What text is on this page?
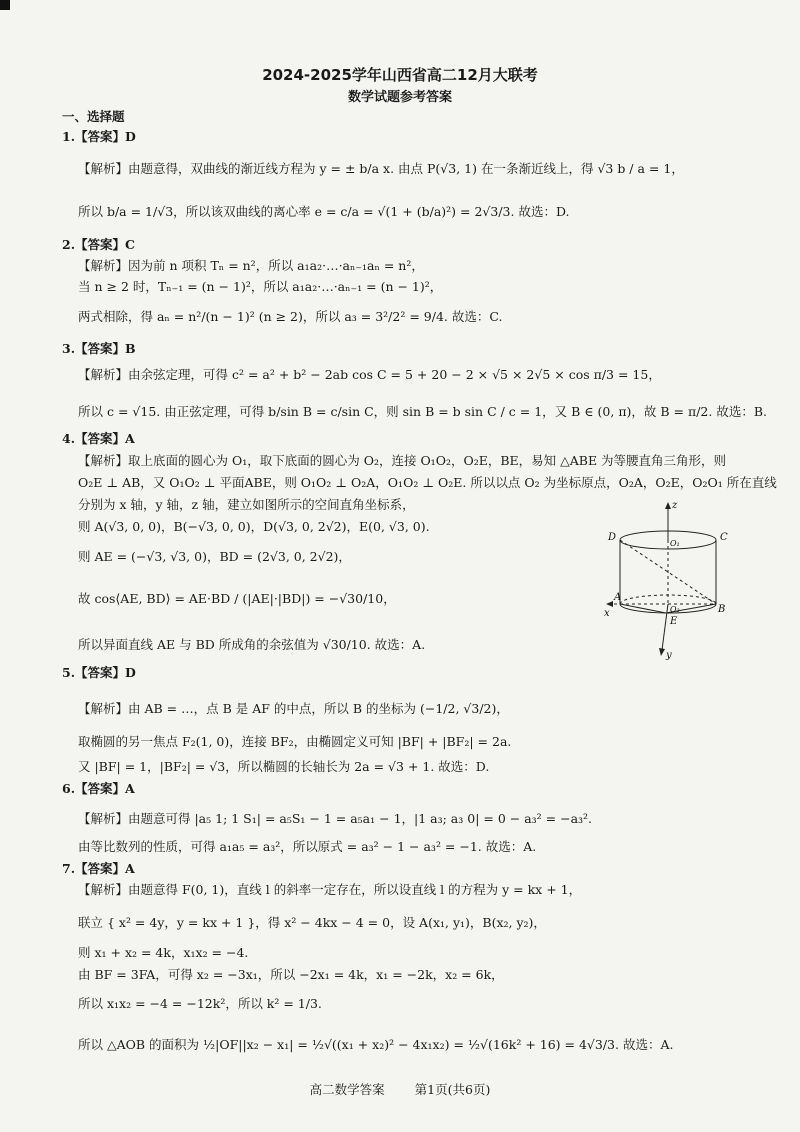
2024-2025学年山西省高二12月大联考
数学试题参考答案
一、选择题
1.【答案】D
【解析】由题意得，双曲线的渐近线方程为 y = ± b/a x. 由点 P(√3, 1) 在一条渐近线上，得 √3 b / a = 1，
所以 b/a = 1/√3，所以该双曲线的离心率 e = c/a = √(1 + (b/a)²) = 2√3/3. 故选：D.
2.【答案】C
【解析】因为前 n 项积 Tₙ = n²，所以 a₁a₂·…·aₙ₋₁aₙ = n²，
当 n ≥ 2 时，Tₙ₋₁ = (n − 1)²，所以 a₁a₂·…·aₙ₋₁ = (n − 1)²，
两式相除，得 aₙ = n²/(n − 1)² (n ≥ 2)，所以 a₃ = 3²/2² = 9/4. 故选：C.
3.【答案】B
【解析】由余弦定理，可得 c² = a² + b² − 2ab cos C = 5 + 20 − 2 × √5 × 2√5 × cos π/3 = 15，
所以 c = √15. 由正弦定理，可得 b/sin B = c/sin C，则 sin B = b sin C / c = 1，又 B ∈ (0, π)，故 B = π/2. 故选：B.
4.【答案】A
【解析】取上底面的圆心为 O₁，取下底面的圆心为 O₂，连接 O₁O₂，O₂E，BE，易知 △ABE 为等腰直角三角形，则
O₂E ⊥ AB，又 O₁O₂ ⊥ 平面ABE，则 O₁O₂ ⊥ O₂A，O₁O₂ ⊥ O₂E. 所以以点 O₂ 为坐标原点，O₂A，O₂E，O₂O₁ 所在直线
分别为 x 轴，y 轴，z 轴，建立如图所示的空间直角坐标系，
则 A(√3, 0, 0)，B(−√3, 0, 0)，D(√3, 0, 2√2)，E(0, √3, 0).
则 AE = (−√3, √3, 0)，BD = (2√3, 0, 2√2)，
故 cos⟨AE, BD⟩ = AE·BD / (|AE|·|BD|) = −√30/10，
所以异面直线 AE 与 BD 所成角的余弦值为 √30/10. 故选：A.
D	C
O₁
A
O₂	B
E
z
x
y
5.【答案】D
【解析】由 AB = …，点 B 是 AF 的中点，所以 B 的坐标为 (−1/2, √3/2)，
取椭圆的另一焦点 F₂(1, 0)，连接 BF₂，由椭圆定义可知 |BF| + |BF₂| = 2a.
又 |BF| = 1，|BF₂| = √3，所以椭圆的长轴长为 2a = √3 + 1. 故选：D.
6.【答案】A
【解析】由题意可得 |a₅ 1; 1 S₁| = a₅S₁ − 1 = a₅a₁ − 1，|1 a₃; a₃ 0| = 0 − a₃² = −a₃².
由等比数列的性质，可得 a₁a₅ = a₃²，所以原式 = a₃² − 1 − a₃² = −1. 故选：A.
7.【答案】A
【解析】由题意得 F(0, 1)，直线 l 的斜率一定存在，所以设直线 l 的方程为 y = kx + 1，
联立 { x² = 4y，y = kx + 1 }，得 x² − 4kx − 4 = 0，设 A(x₁, y₁)，B(x₂, y₂)，
则 x₁ + x₂ = 4k，x₁x₂ = −4.
由 BF = 3FA，可得 x₂ = −3x₁，所以 −2x₁ = 4k，x₁ = −2k，x₂ = 6k，
所以 x₁x₂ = −4 = −12k²，所以 k² = 1/3.
所以 △AOB 的面积为 ½|OF||x₂ − x₁| = ½√((x₁ + x₂)² − 4x₁x₂) = ½√(16k² + 16) = 4√3/3. 故选：A.
高二数学答案 第1页(共6页)
